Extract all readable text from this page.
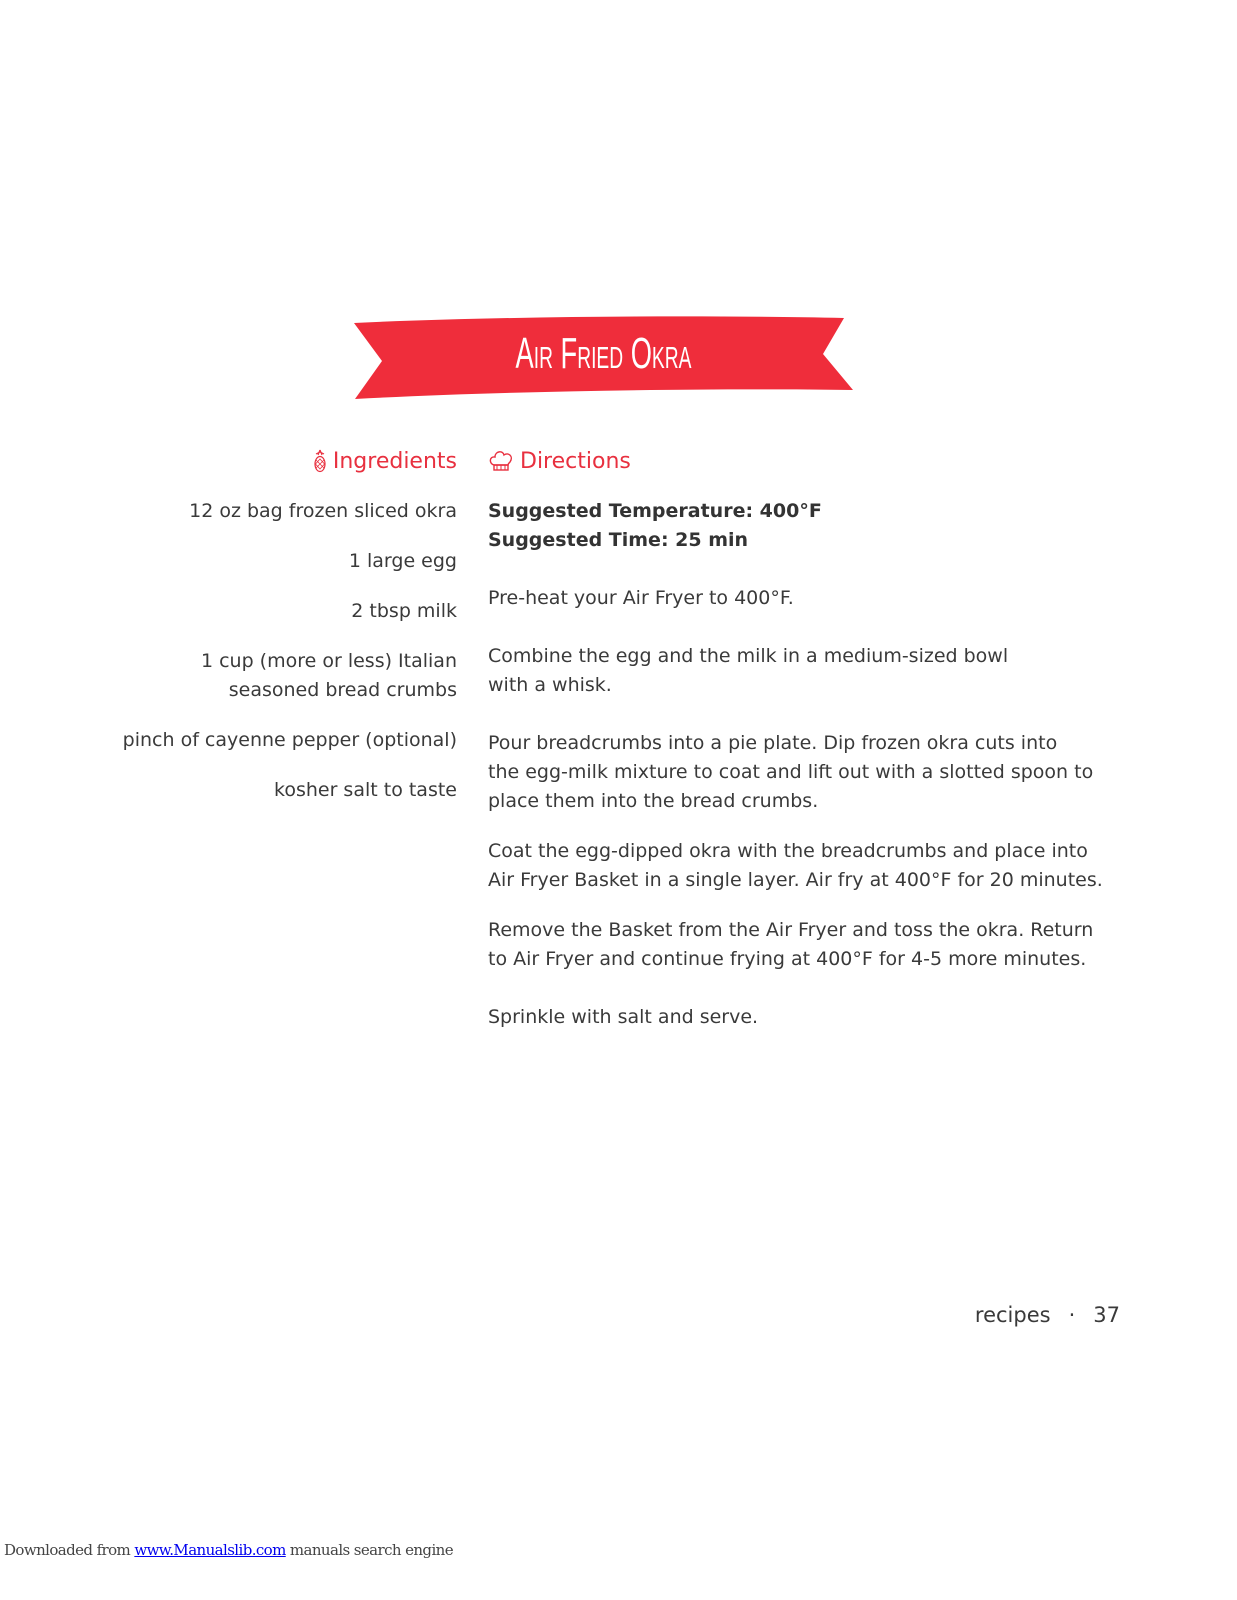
Air Fried Okra
Ingredients	Directions
12 oz bag frozen sliced okra
1 large egg
2 tbsp milk
1 cup (more or less) Italian
seasoned bread crumbs
pinch of cayenne pepper (optional)
kosher salt to taste
Suggested Temperature: 400°F
Suggested Time: 25 min
Pre-heat your Air Fryer to 400°F.
Combine the egg and the milk in a medium-sized bowl
with a whisk.
Pour breadcrumbs into a pie plate. Dip frozen okra cuts into
the egg-milk mixture to coat and lift out with a slotted spoon to
place them into the bread crumbs.
Coat the egg-dipped okra with the breadcrumbs and place into
Air Fryer Basket in a single layer. Air fry at 400°F for 20 minutes.
Remove the Basket from the Air Fryer and toss the okra. Return
to Air Fryer and continue frying at 400°F for 4-5 more minutes.
Sprinkle with salt and serve.
recipes · 37
Downloaded from www.Manualslib.com manuals search engine
